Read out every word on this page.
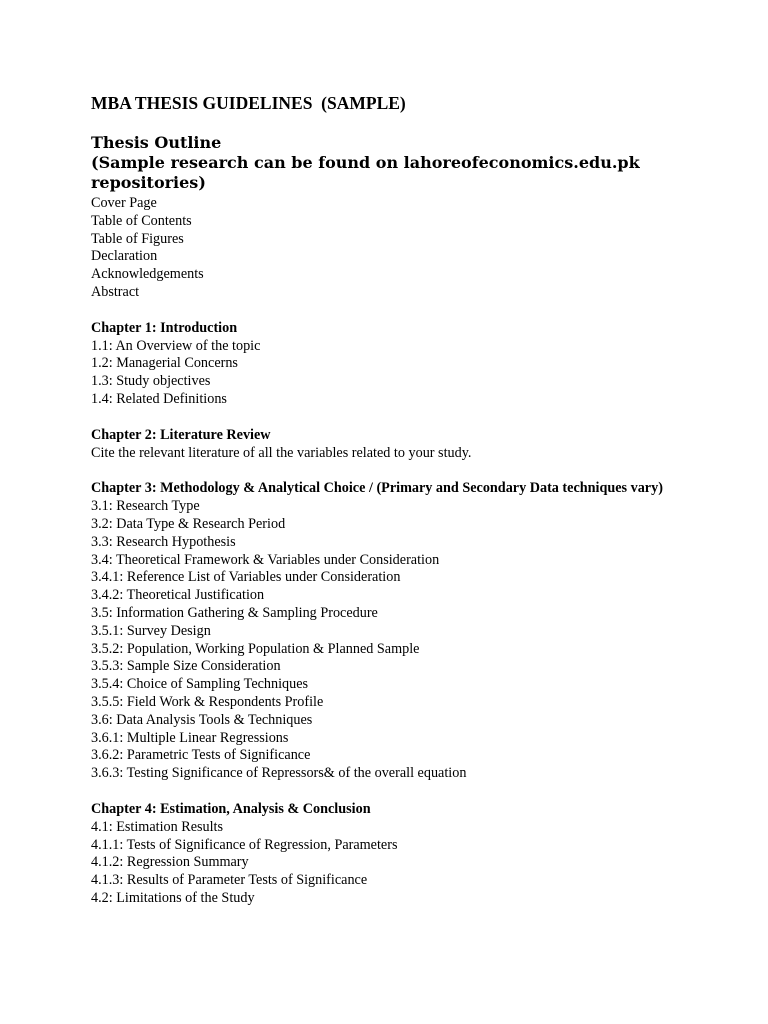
MBA THESIS GUIDELINES  (SAMPLE)
Thesis Outline
(Sample research can be found on lahoreofeconomics.edu.pk
repositories)
Cover Page
Table of Contents
Table of Figures
Declaration
Acknowledgements
Abstract

Chapter 1: Introduction

1.1: An Overview of the topic
1.2: Managerial Concerns
1.3: Study objectives
1.4: Related Definitions

Chapter 2: Literature Review

Cite the relevant literature of all the variables related to your study.

Chapter 3: Methodology & Analytical Choice / (Primary and Secondary Data techniques vary)

3.1: Research Type
3.2: Data Type & Research Period
3.3: Research Hypothesis
3.4: Theoretical Framework & Variables under Consideration
3.4.1: Reference List of Variables under Consideration
3.4.2: Theoretical Justification
3.5: Information Gathering & Sampling Procedure
3.5.1: Survey Design
3.5.2: Population, Working Population & Planned Sample
3.5.3: Sample Size Consideration
3.5.4: Choice of Sampling Techniques
3.5.5: Field Work & Respondents Profile
3.6: Data Analysis Tools & Techniques
3.6.1: Multiple Linear Regressions
3.6.2: Parametric Tests of Significance
3.6.3: Testing Significance of Repressors& of the overall equation

Chapter 4: Estimation, Analysis & Conclusion

4.1: Estimation Results
4.1.1: Tests of Significance of Regression, Parameters
4.1.2: Regression Summary
4.1.3: Results of Parameter Tests of Significance
4.2: Limitations of the Study
